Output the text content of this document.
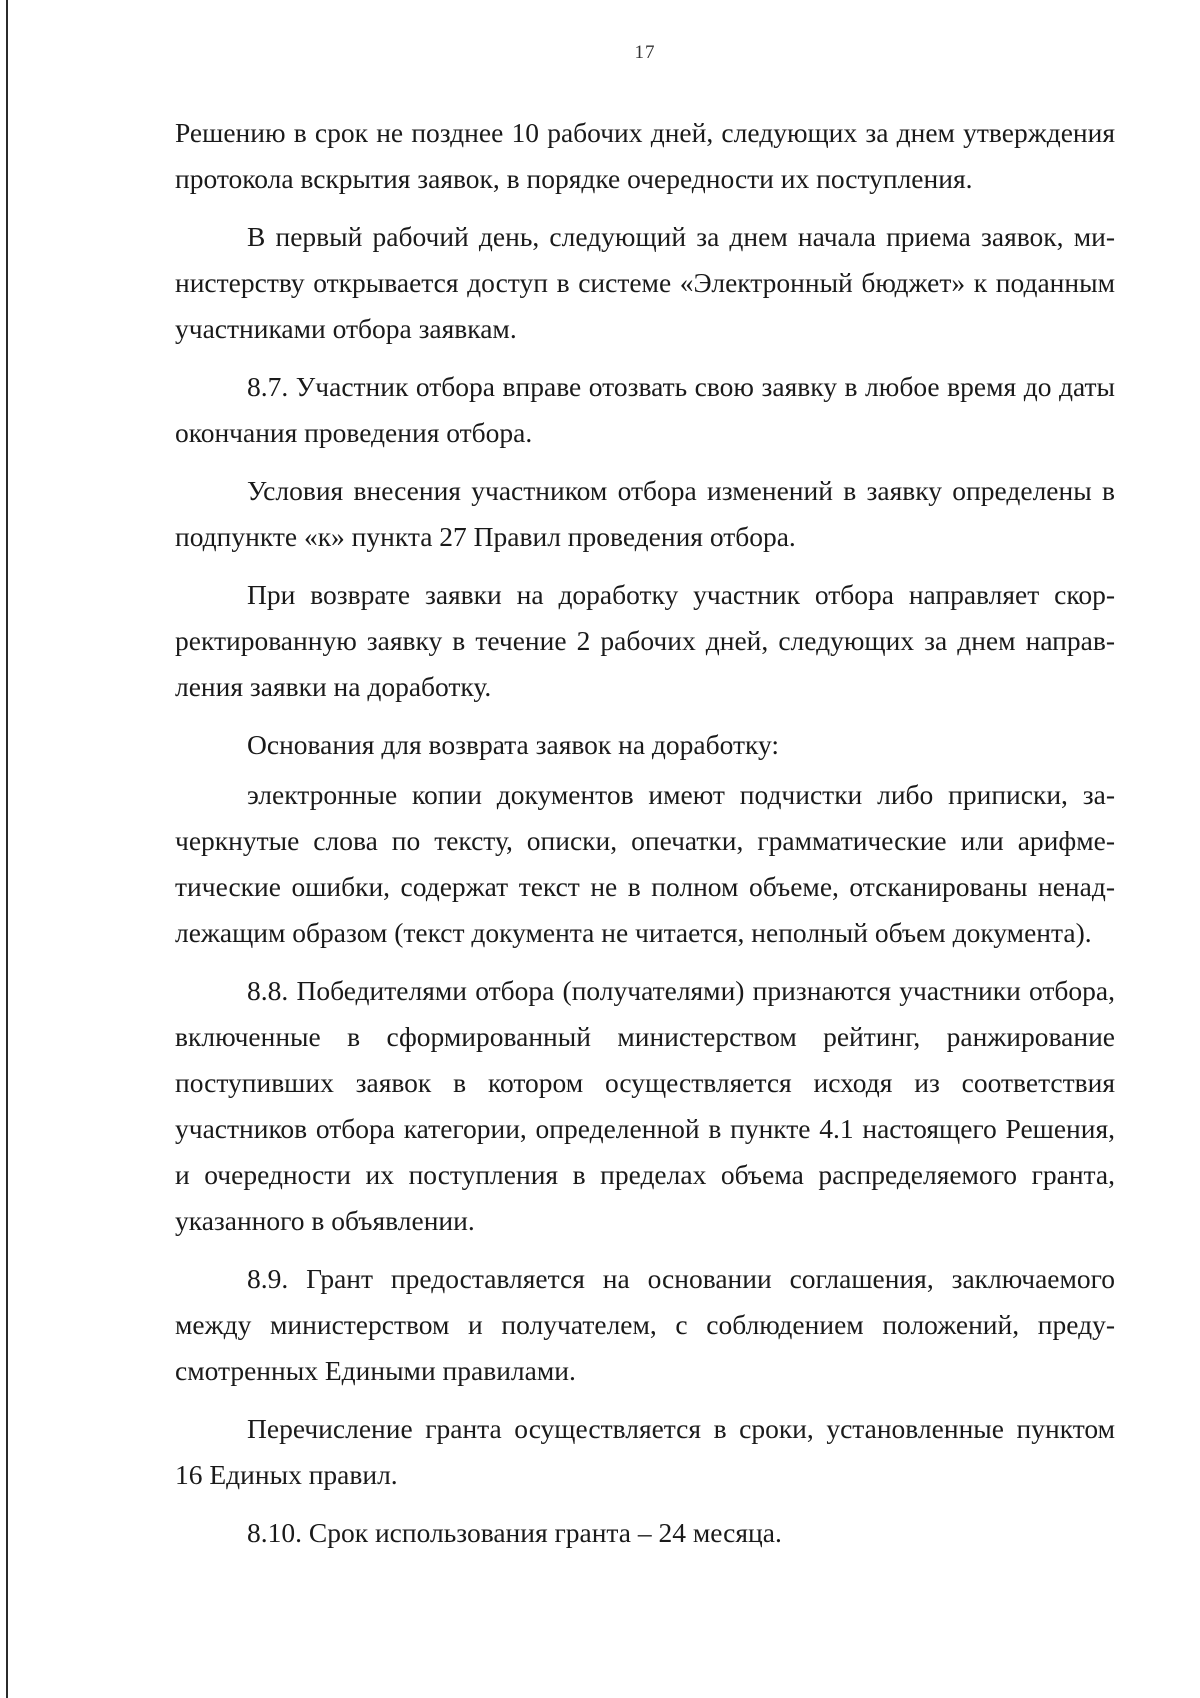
17

Решению в срок не позднее 10 рабочих дней, следующих за днем утверждения протокола вскрытия заявок, в порядке очередности их поступления.

В первый рабочий день, следующий за днем начала приема заявок, министерству открывается доступ в системе «Электронный бюджет» к поданным участниками отбора заявкам.

8.7. Участник отбора вправе отозвать свою заявку в любое время до даты окончания проведения отбора.

Условия внесения участником отбора изменений в заявку определены в подпункте «к» пункта 27 Правил проведения отбора.

При возврате заявки на доработку участник отбора направляет скорректированную заявку в течение 2 рабочих дней, следующих за днем направления заявки на доработку.

Основания для возврата заявок на доработку:

электронные копии документов имеют подчистки либо приписки, зачеркнутые слова по тексту, описки, опечатки, грамматические или арифметические ошибки, содержат текст не в полном объеме, отсканированы ненадлежащим образом (текст документа не читается, неполный объем документа).

8.8. Победителями отбора (получателями) признаются участники отбора, включенные в сформированный министерством рейтинг, ранжирование поступивших заявок в котором осуществляется исходя из соответствия участников отбора категории, определенной в пункте 4.1 настоящего Решения, и очередности их поступления в пределах объема распределяемого гранта, указанного в объявлении.

8.9. Грант предоставляется на основании соглашения, заключаемого между министерством и получателем, с соблюдением положений, предусмотренных Едиными правилами.

Перечисление гранта осуществляется в сроки, установленные пунктом 16 Единых правил.

8.10. Срок использования гранта – 24 месяца.
